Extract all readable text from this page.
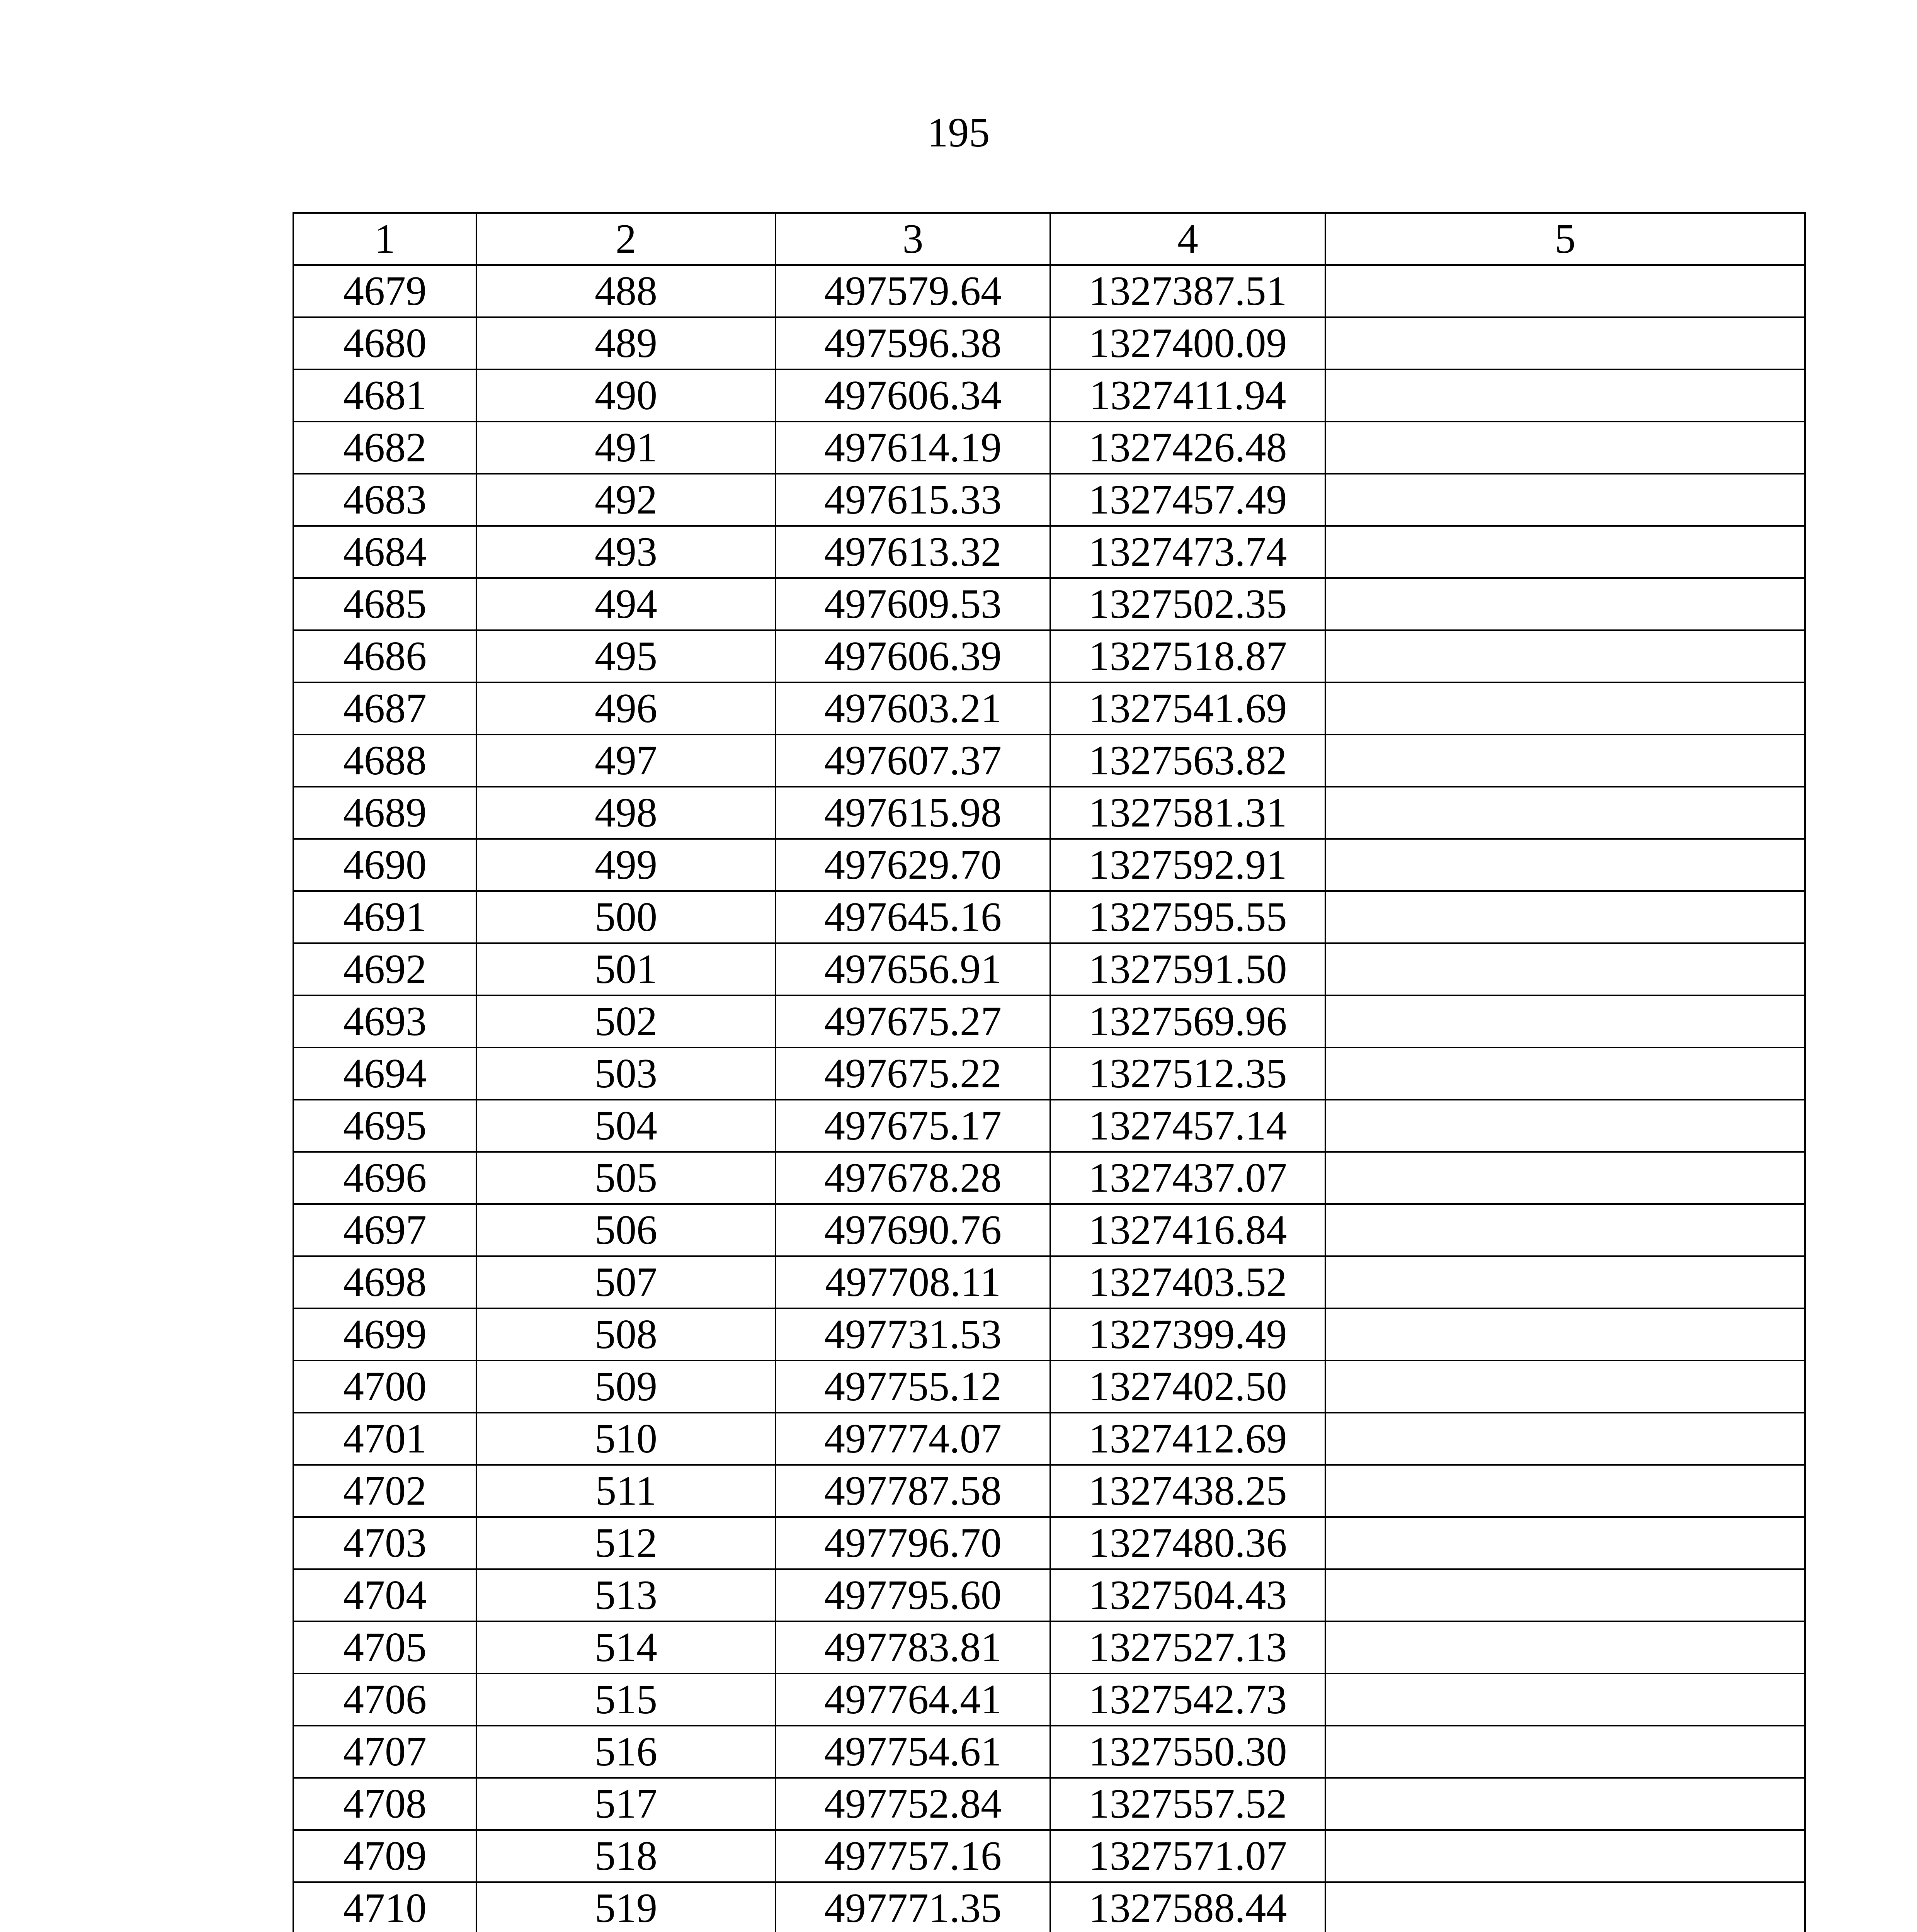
195
1	2	3	4	5
4679	488	497579.64	1327387.51	
4680	489	497596.38	1327400.09	
4681	490	497606.34	1327411.94	
4682	491	497614.19	1327426.48	
4683	492	497615.33	1327457.49	
4684	493	497613.32	1327473.74	
4685	494	497609.53	1327502.35	
4686	495	497606.39	1327518.87	
4687	496	497603.21	1327541.69	
4688	497	497607.37	1327563.82	
4689	498	497615.98	1327581.31	
4690	499	497629.70	1327592.91	
4691	500	497645.16	1327595.55	
4692	501	497656.91	1327591.50	
4693	502	497675.27	1327569.96	
4694	503	497675.22	1327512.35	
4695	504	497675.17	1327457.14	
4696	505	497678.28	1327437.07	
4697	506	497690.76	1327416.84	
4698	507	497708.11	1327403.52	
4699	508	497731.53	1327399.49	
4700	509	497755.12	1327402.50	
4701	510	497774.07	1327412.69	
4702	511	497787.58	1327438.25	
4703	512	497796.70	1327480.36	
4704	513	497795.60	1327504.43	
4705	514	497783.81	1327527.13	
4706	515	497764.41	1327542.73	
4707	516	497754.61	1327550.30	
4708	517	497752.84	1327557.52	
4709	518	497757.16	1327571.07	
4710	519	497771.35	1327588.44	
